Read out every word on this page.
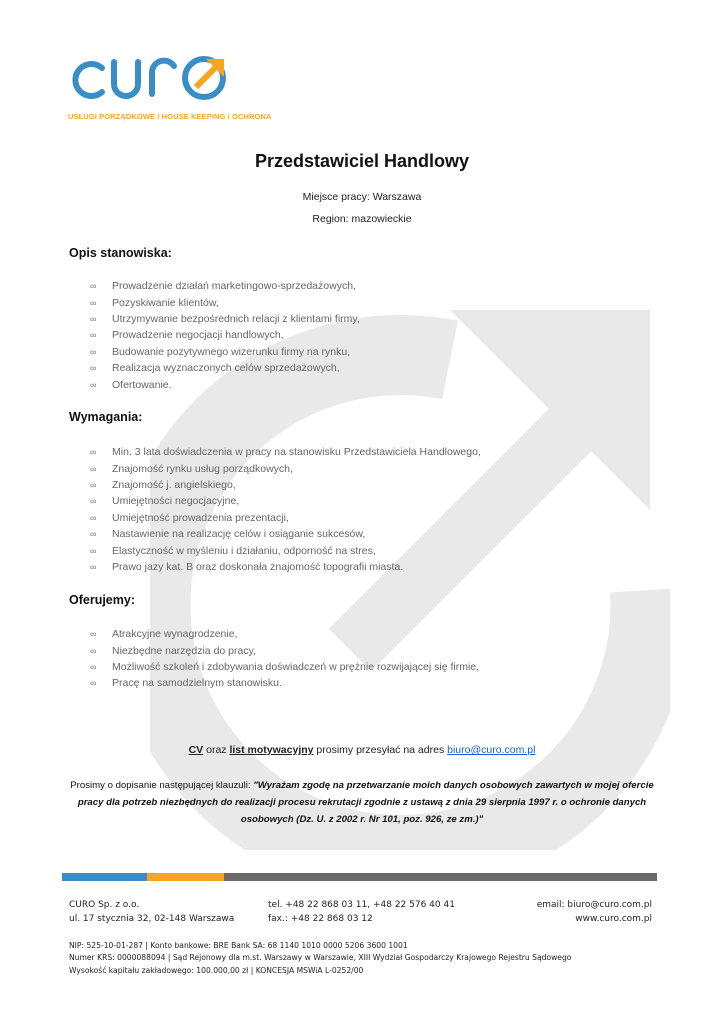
USŁUGI PORZĄDKOWE / HOUSE KEEPING / OCHRONA
Przedstawiciel Handlowy
Miejsce pracy: Warszawa
Region: mazowieckie
Opis stanowiska:
∞	Prowadzenie działań marketingowo-sprzedażowych,
∞	Pozyskiwanie klientów,
∞	Utrzymywanie bezpośrednich relacji z klientami firmy,
∞	Prowadzenie negocjacji handlowych,
∞	Budowanie pozytywnego wizerunku firmy na rynku,
∞	Realizacja wyznaczonych celów sprzedażowych,
∞	Ofertowanie.
Wymagania:
∞	Min. 3 lata doświadczenia w pracy na stanowisku Przedstawiciela Handlowego,
∞	Znajomość rynku usług porządkowych,
∞	Znajomość j. angielskiego,
∞	Umiejętności negocjacyjne,
∞	Umiejętność prowadzenia prezentacji,
∞	Nastawienie na realizację celów i osiąganie sukcesów,
∞	Elastyczność w myśleniu i działaniu, odporność na stres,
∞	Prawo jazy kat. B oraz doskonała znajomość topografii miasta.
Oferujemy:
∞	Atrakcyjne wynagrodzenie,
∞	Niezbędne narzędzia do pracy,
∞	Możliwość szkoleń i zdobywania doświadczeń w prężnie rozwijającej się firmie,
∞	Pracę na samodzielnym stanowisku.
CV oraz list motywacyjny prosimy przesyłać na adres biuro@curo.com.pl
Prosimy o dopisanie następującej klauzuli: "Wyrażam zgodę na przetwarzanie moich danych osobowych zawartych w mojej ofercie pracy dla potrzeb niezbędnych do realizacji procesu rekrutacji zgodnie z ustawą z dnia 29 sierpnia 1997 r. o ochronie danych osobowych (Dz. U. z 2002 r. Nr 101, poz. 926, ze zm.)"
CURO Sp. z o.o.
ul. 17 stycznia 32, 02-148 Warszawa
tel. +48 22 868 03 11, +48 22 576 40 41
fax.: +48 22 868 03 12
email: biuro@curo.com.pl
www.curo.com.pl
NIP: 525-10-01-287 | Konto bankowe: BRE Bank SA: 68 1140 1010 0000 5206 3600 1001
Numer KRS: 0000088094 | Sąd Rejonowy dla m.st. Warszawy w Warszawie, XIII Wydział Gospodarczy Krajowego Rejestru Sądowego
Wysokość kapitału zakładowego: 100.000,00 zł | KONCESJA MSWiA L-0252/00
